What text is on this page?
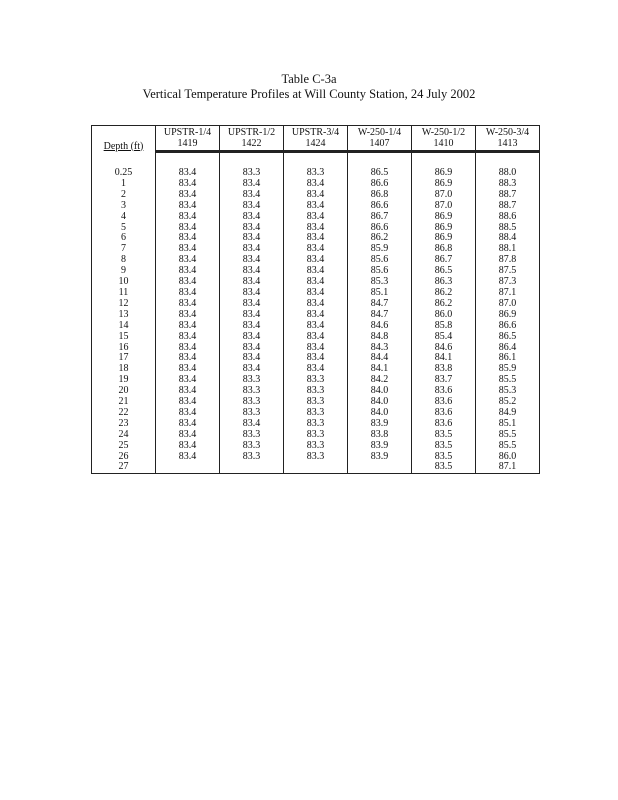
Table C-3a
Vertical Temperature Profiles at Will County Station, 24 July 2002
Depth (ft)	UPSTR-1/4	UPSTR-1/2	UPSTR-3/4	W-250-1/4	W-250-1/2	W-250-3/4
	1419	1422	1424	1407	1410	1413

0.25	83.4	83.3	83.3	86.5	86.9	88.0
1	83.4	83.4	83.4	86.6	86.9	88.3
2	83.4	83.4	83.4	86.8	87.0	88.7
3	83.4	83.4	83.4	86.6	87.0	88.7
4	83.4	83.4	83.4	86.7	86.9	88.6
5	83.4	83.4	83.4	86.6	86.9	88.5
6	83.4	83.4	83.4	86.2	86.9	88.4
7	83.4	83.4	83.4	85.9	86.8	88.1
8	83.4	83.4	83.4	85.6	86.7	87.8
9	83.4	83.4	83.4	85.6	86.5	87.5
10	83.4	83.4	83.4	85.3	86.3	87.3
11	83.4	83.4	83.4	85.1	86.2	87.1
12	83.4	83.4	83.4	84.7	86.2	87.0
13	83.4	83.4	83.4	84.7	86.0	86.9
14	83.4	83.4	83.4	84.6	85.8	86.6
15	83.4	83.4	83.4	84.8	85.4	86.5
16	83.4	83.4	83.4	84.3	84.6	86.4
17	83.4	83.4	83.4	84.4	84.1	86.1
18	83.4	83.4	83.4	84.1	83.8	85.9
19	83.4	83.3	83.3	84.2	83.7	85.5
20	83.4	83.3	83.3	84.0	83.6	85.3
21	83.4	83.3	83.3	84.0	83.6	85.2
22	83.4	83.3	83.3	84.0	83.6	84.9
23	83.4	83.4	83.3	83.9	83.6	85.1
24	83.4	83.3	83.3	83.8	83.5	85.5
25	83.4	83.3	83.3	83.9	83.5	85.5
26	83.4	83.3	83.3	83.9	83.5	86.0
27					83.5	87.1
